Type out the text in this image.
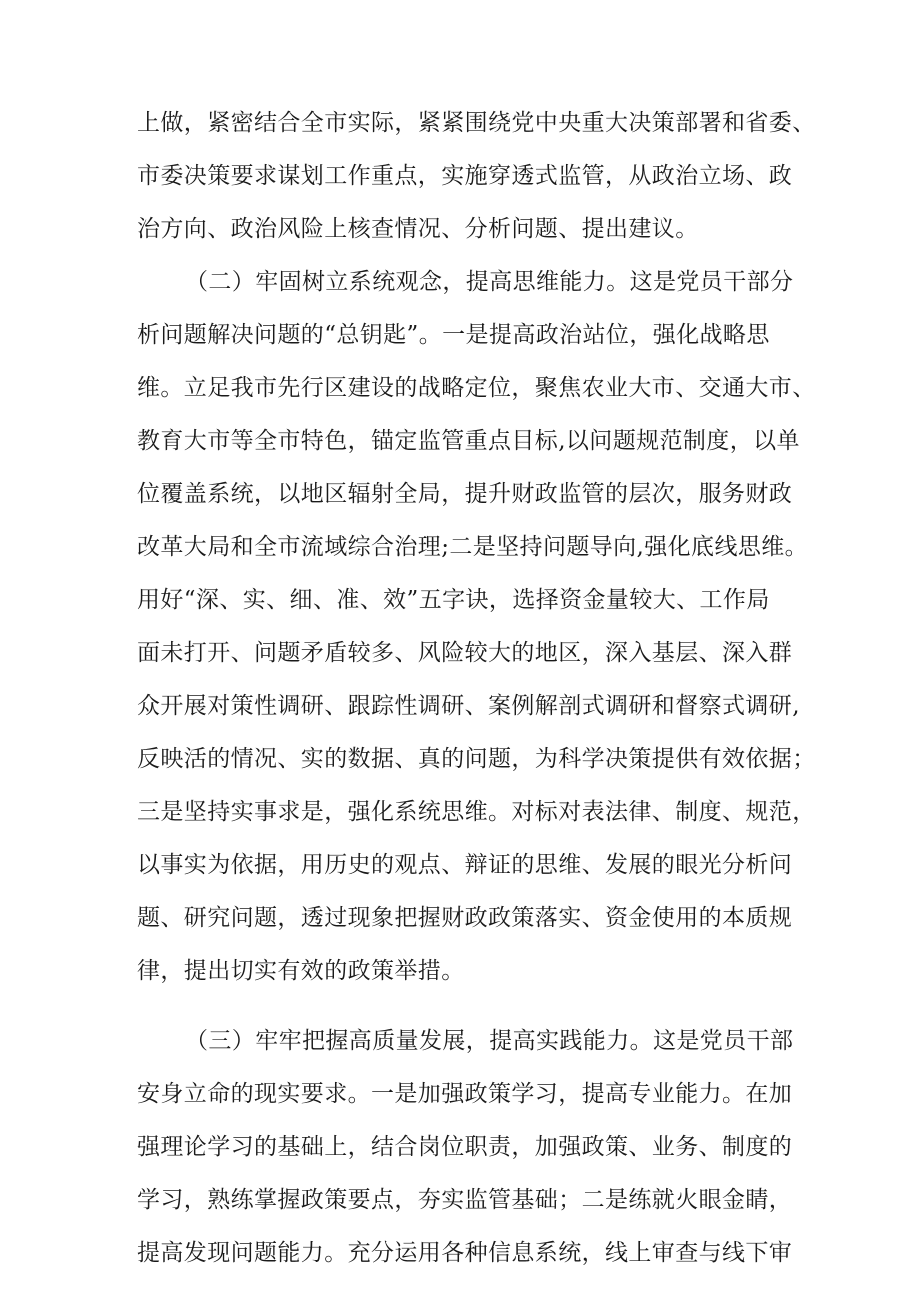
上做，紧密结合全市实际，紧紧围绕党中央重大决策部署和省委、
市委决策要求谋划工作重点，实施穿透式监管，从政治立场、政
治方向、政治风险上核查情况、分析问题、提出建议。
（二）牢固树立系统观念，提高思维能力。这是党员干部分
析问题解决问题的“总钥匙”。一是提高政治站位，强化战略思
维。立足我市先行区建设的战略定位，聚焦农业大市、交通大市、
教育大市等全市特色，锚定监管重点目标,以问题规范制度，以单
位覆盖系统，以地区辐射全局，提升财政监管的层次，服务财政
改革大局和全市流域综合治理;二是坚持问题导向,强化底线思维。
用好“深、实、细、准、效”五字诀，选择资金量较大、工作局
面未打开、问题矛盾较多、风险较大的地区，深入基层、深入群
众开展对策性调研、跟踪性调研、案例解剖式调研和督察式调研,
反映活的情况、实的数据、真的问题，为科学决策提供有效依据；
三是坚持实事求是，强化系统思维。对标对表法律、制度、规范，
以事实为依据，用历史的观点、辩证的思维、发展的眼光分析问
题、研究问题，透过现象把握财政政策落实、资金使用的本质规
律，提出切实有效的政策举措。
（三）牢牢把握高质量发展，提高实践能力。这是党员干部
安身立命的现实要求。一是加强政策学习，提高专业能力。在加
强理论学习的基础上，结合岗位职责，加强政策、业务、制度的
学习，熟练掌握政策要点，夯实监管基础；二是练就火眼金睛，
提高发现问题能力。充分运用各种信息系统，线上审查与线下审
